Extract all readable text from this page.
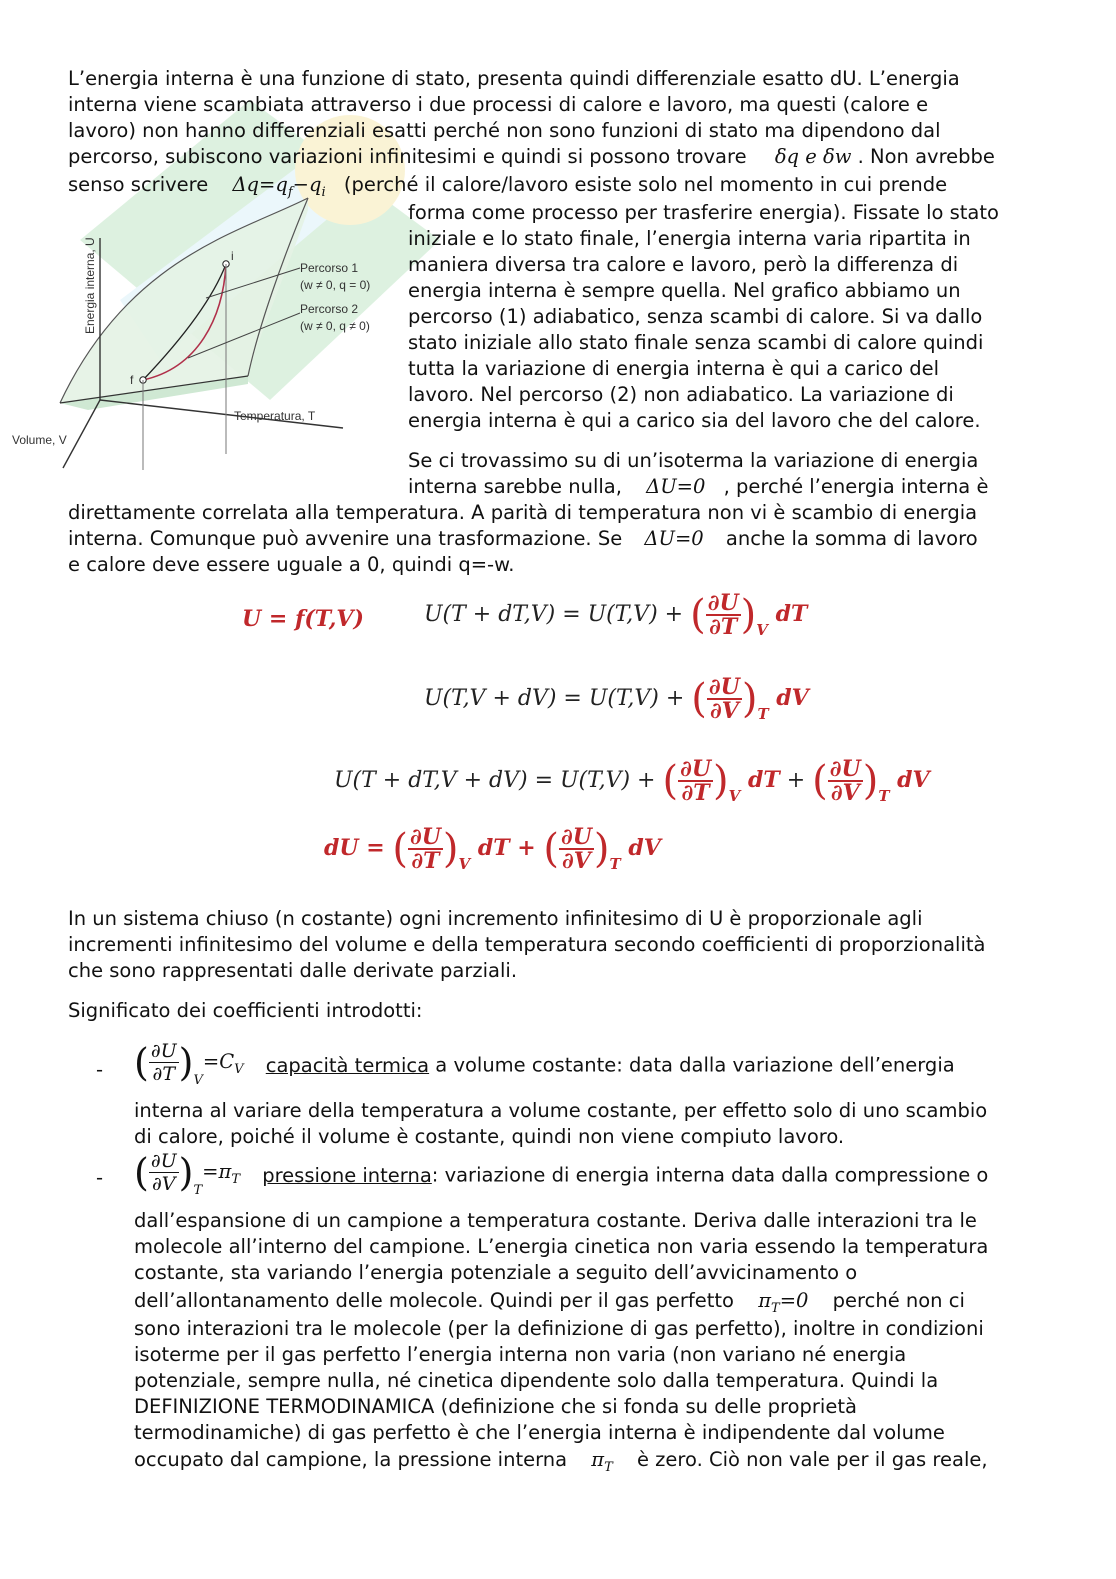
L’energia interna è una funzione di stato, presenta quindi differenziale esatto dU. L’energia
interna viene scambiata attraverso i due processi di calore e lavoro, ma questi (calore e
lavoro) non hanno differenziali esatti perché non sono funzioni di stato ma dipendono dal
percorso, subiscono variazioni infinitesimi e quindi si possono trovare δq e δw . Non avrebbe
senso scrivere $\Delta q=q_f-q_i$ (perché il calore/lavoro esiste solo nel momento in cui prende
Energia interna, U	i
f
Percorso 1
(w ≠ 0, q = 0)
Percorso 2
(w ≠ 0, q ≠ 0)
Temperatura, T
Volume, V
forma come processo per trasferire energia). Fissate lo stato
iniziale e lo stato finale, l’energia interna varia ripartita in
maniera diversa tra calore e lavoro, però la differenza di
energia interna è sempre quella. Nel grafico abbiamo un
percorso (1) adiabatico, senza scambi di calore. Si va dallo
stato iniziale allo stato finale senza scambi di calore quindi
tutta la variazione di energia interna è qui a carico del
lavoro. Nel percorso (2) non adiabatico. La variazione di
energia interna è qui a carico sia del lavoro che del calore.
Se ci trovassimo su di un’isoterma la variazione di energia
interna sarebbe nulla, ΔU=0 , perché l’energia interna è
direttamente correlata alla temperatura. A parità di temperatura non vi è scambio di energia
interna. Comunque può avvenire una trasformazione. Se ΔU=0 anche la somma di lavoro
e calore deve essere uguale a 0, quindi q=-w.
U = f(T,V)	U(T + dT,V) = U(T,V) + ( $\frac{\partial U}{\partial T} )_V$ dT
U(T,V + dV) = U(T,V) + ( $\frac{\partial U}{\partial V} )_T$ dV
U(T + dT,V + dV) = U(T,V) + ( $\frac{\partial U}{\partial T} )_V$ dT + ( $\frac{\partial U}{\partial V} )_T$ dV
dU = ( $\frac{\partial U}{\partial T} )_V$ dT + ( $\frac{\partial U}{\partial V} )_T$ dV
In un sistema chiuso (n costante) ogni incremento infinitesimo di U è proporzionale agli
incrementi infinitesimo del volume e della temperatura secondo coefficienti di proporzionalità
che sono rappresentati dalle derivate parziali.
Significato dei coefficienti introdotti:
- ( $\frac{\partial U}{\partial T} )_V=C_V$ capacità termica a volume costante: data dalla variazione dell’energia
interna al variare della temperatura a volume costante, per effetto solo di uno scambio
di calore, poiché il volume è costante, quindi non viene compiuto lavoro.
- ( $\frac{\partial U}{\partial V} )_T=\pi_T$ pressione interna: variazione di energia interna data dalla compressione o
dall’espansione di un campione a temperatura costante. Deriva dalle interazioni tra le
molecole all’interno del campione. L’energia cinetica non varia essendo la temperatura
costante, sta variando l’energia potenziale a seguito dell’avvicinamento o
dell’allontanamento delle molecole. Quindi per il gas perfetto $\pi_T=0$ perché non ci
sono interazioni tra le molecole (per la definizione di gas perfetto), inoltre in condizioni
isoterme per il gas perfetto l’energia interna non varia (non variano né energia
potenziale, sempre nulla, né cinetica dipendente solo dalla temperatura. Quindi la
DEFINIZIONE TERMODINAMICA (definizione che si fonda su delle proprietà
termodinamiche) di gas perfetto è che l’energia interna è indipendente dal volume
occupato dal campione, la pressione interna $\pi_T$ è zero. Ciò non vale per il gas reale,
